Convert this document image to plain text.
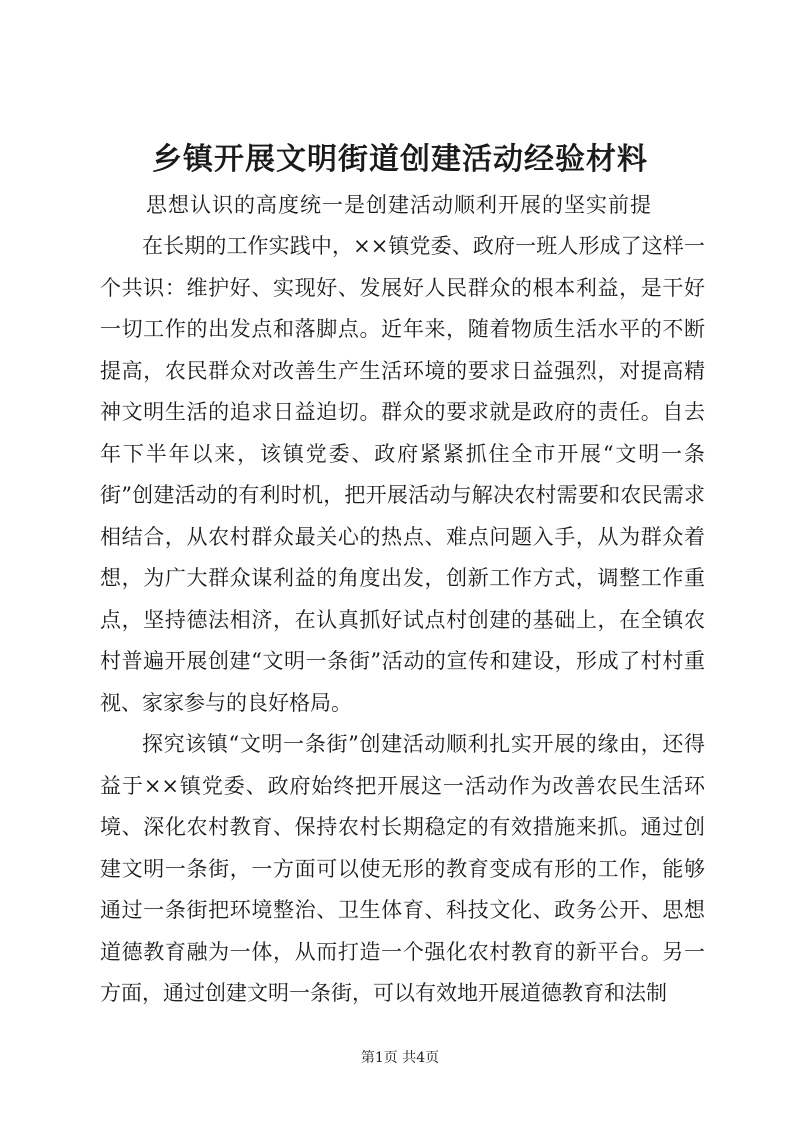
乡镇开展文明街道创建活动经验材料
思想认识的高度统一是创建活动顺利开展的坚实前提

在长期的工作实践中，××镇党委、政府一班人形成了这样一个共识：维护好、实现好、发展好人民群众的根本利益，是干好一切工作的出发点和落脚点。近年来，随着物质生活水平的不断提高，农民群众对改善生产生活环境的要求日益强烈，对提高精神文明生活的追求日益迫切。群众的要求就是政府的责任。自去年下半年以来，该镇党委、政府紧紧抓住全市开展“文明一条街”创建活动的有利时机，把开展活动与解决农村需要和农民需求相结合，从农村群众最关心的热点、难点问题入手，从为群众着想，为广大群众谋利益的角度出发，创新工作方式，调整工作重点，坚持德法相济，在认真抓好试点村创建的基础上，在全镇农村普遍开展创建“文明一条街”活动的宣传和建设，形成了村村重视、家家参与的良好格局。

探究该镇“文明一条街”创建活动顺利扎实开展的缘由，还得益于××镇党委、政府始终把开展这一活动作为改善农民生活环境、深化农村教育、保持农村长期稳定的有效措施来抓。通过创建文明一条街，一方面可以使无形的教育变成有形的工作，能够通过一条街把环境整治、卫生体育、科技文化、政务公开、思想道德教育融为一体，从而打造一个强化农村教育的新平台。另一方面，通过创建文明一条街，可以有效地开展道德教育和法制

第1页 共4页
